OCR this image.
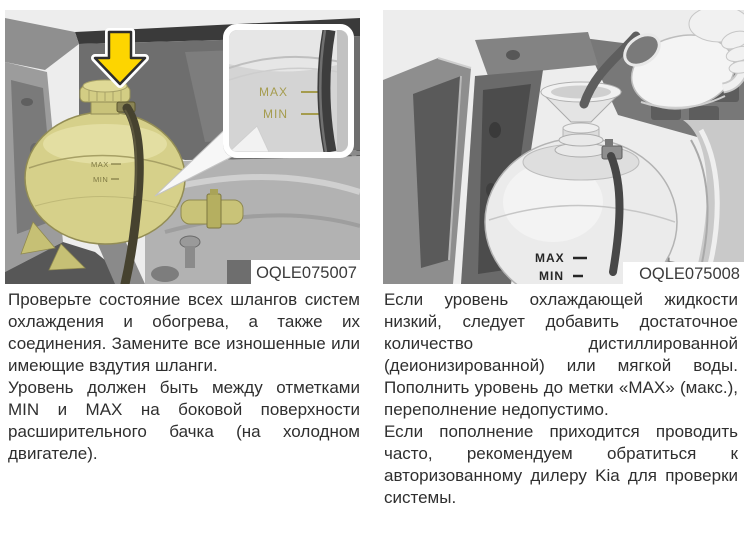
MAX
MIN
MAX
MIN
OQLE075007
MAX
MIN	OQLE075008

Проверьте состояние всех шлангов систем охлаждения и обогрева, а также их соединения. Замените все изношенные или имеющие вздутия шланги.

Уровень должен быть между отметками MIN и MAX на боковой поверхности расширительного бачка (на холодном двигателе).

Если уровень охлаждающей жидкости низкий, следует добавить достаточное количество дистиллированной (деионизированной) или мягкой воды. Пополнить уровень до метки «MAX» (макс.), переполнение недопустимо.

Если пополнение приходится проводить часто, рекомендуем обратиться к авторизованному дилеру Kia для проверки системы.
